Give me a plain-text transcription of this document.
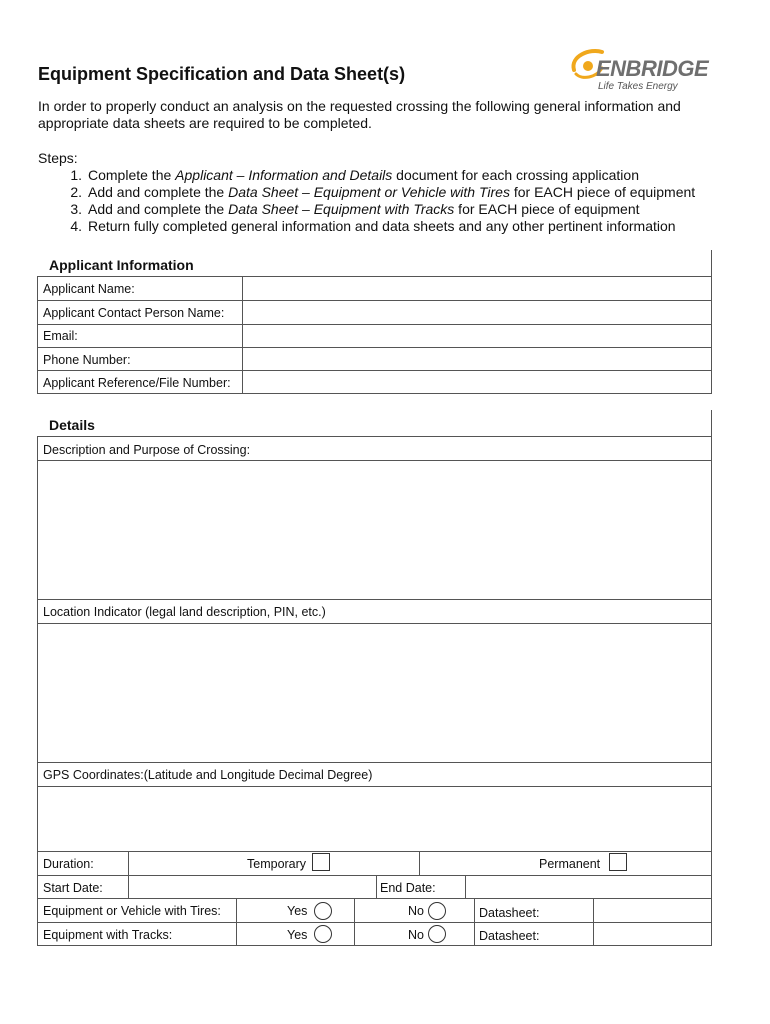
Equipment Specification and Data Sheet(s)	ENBRIDGE
Life Takes Energy
In order to properly conduct an analysis on the requested crossing the following general information and appropriate data sheets are required to be completed.
Steps:
1. Complete the Applicant – Information and Details document for each crossing application
2. Add and complete the Data Sheet – Equipment or Vehicle with Tires for EACH piece of equipment
3. Add and complete the Data Sheet – Equipment with Tracks for EACH piece of equipment
4. Return fully completed general information and data sheets and any other pertinent information
Applicant Information
Applicant Name:
Applicant Contact Person Name:
Email:
Phone Number:
Applicant Reference/File Number:
Details
Description and Purpose of Crossing:
Location Indicator (legal land description, PIN, etc.)
GPS Coordinates:(Latitude and Longitude Decimal Degree)
Duration:	Temporary	Permanent
Start Date:	End Date:
Equipment or Vehicle with Tires:	Yes	No	Datasheet:
Equipment with Tracks:	Yes	No	Datasheet:
